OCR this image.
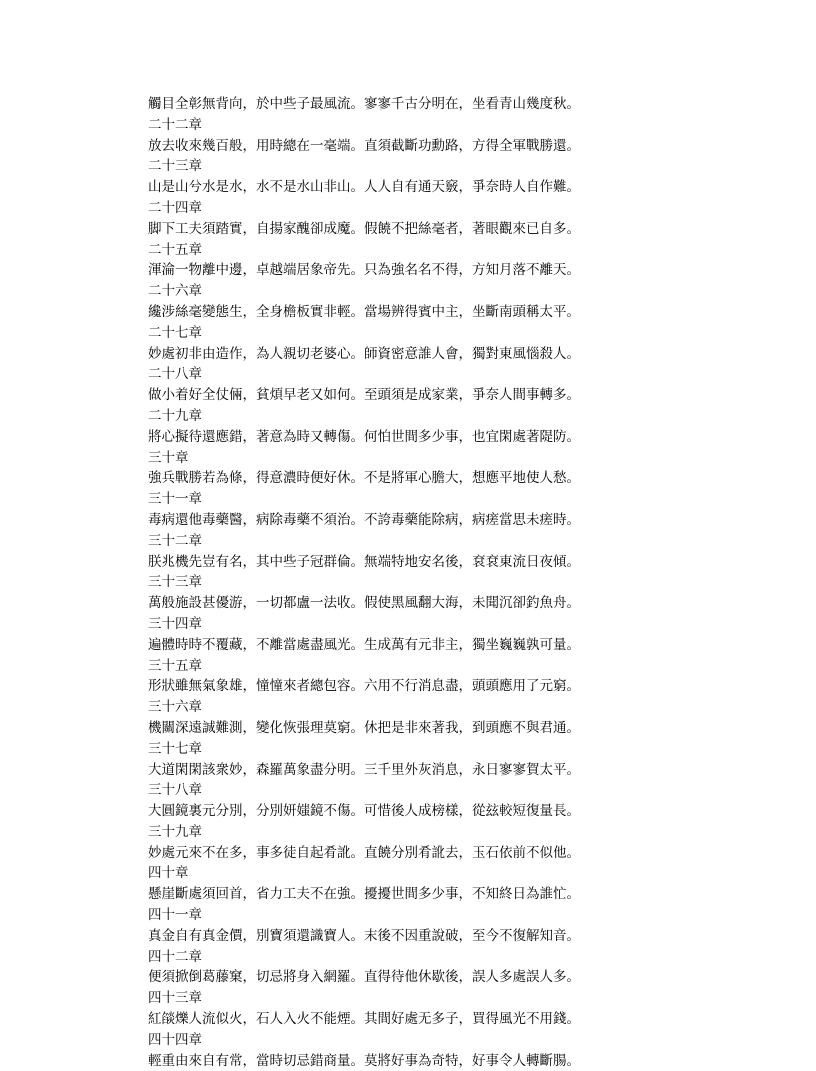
觸目全彰無背向，於中些子最風流。寥寥千古分明在，坐看青山幾度秋。
二十二章
放去收來幾百般，用時總在一毫端。直須截斷功勳路，方得全軍戰勝還。
二十三章
山是山兮水是水，水不是水山非山。人人自有通天竅，爭奈時人自作難。
二十四章
脚下工夫須踏實，自揚家醜卻成魔。假饒不把絲毫者，著眼觀來已自多。
二十五章
渾淪一物離中邊，卓越端居象帝先。只為強名名不得，方知月落不離天。
二十六章
纔涉絲毫變態生，全身檐板實非輕。當場辨得賓中主，坐斷南頭稱太平。
二十七章
妙處初非由造作，為人親切老婆心。師資密意誰人會，獨對東風惱殺人。
二十八章
做小着好全仗倆，貧煩早老又如何。至頭須是成家業，爭奈人間事轉多。
二十九章
將心擬待還應錯，著意為時又轉傷。何怕世間多少事，也宜閑處著隄防。
三十章
強兵戰勝若為條，得意濃時便好休。不是將軍心膽大，想應平地使人愁。
三十一章
毒病還他毒藥醫，病除毒藥不須治。不誇毒藥能除病，病瘥當思未瘥時。
三十二章
朕兆機先豈有名，其中些子冠群倫。無端特地安名後，袞袞東流日夜傾。
三十三章
萬般施設甚優游，一切都盧一法收。假使黑風翻大海，未聞沉卻釣魚舟。
三十四章
遍體時時不覆藏，不離當處盡風光。生成萬有元非主，獨坐巍巍孰可量。
三十五章
形狀雖無氣象雄，憧憧來者總包容。六用不行消息盡，頭頭應用了元窮。
三十六章
機關深遠誠難測，變化恢張理莫窮。休把是非來著我，到頭應不與君通。
三十七章
大道閑閑該衆妙，森羅萬象盡分明。三千里外灰消息，永日寥寥賀太平。
三十八章
大圓鏡裏元分別，分別妍媸鏡不傷。可惜後人成榜樣，從玆較短復量長。
三十九章
妙處元來不在多，事多徒自起肴訛。直饒分別肴訛去，玉石依前不似他。
四十章
懸崖斷處須回首，省力工夫不在強。擾擾世間多少事，不知終日為誰忙。
四十一章
真金自有真金價，別寶須還識寶人。末後不因重說破，至今不復解知音。
四十二章
便須掀倒葛藤窠，切忌將身入網羅。直得待他休歇後，誤人多處誤人多。
四十三章
紅燄爍人流似火，石人入火不能煙。其間好處无多子，買得風光不用錢。
四十四章
輕重由來自有常，當時切忌錯商量。莫將好事為奇特，好事令人轉斷腸。
